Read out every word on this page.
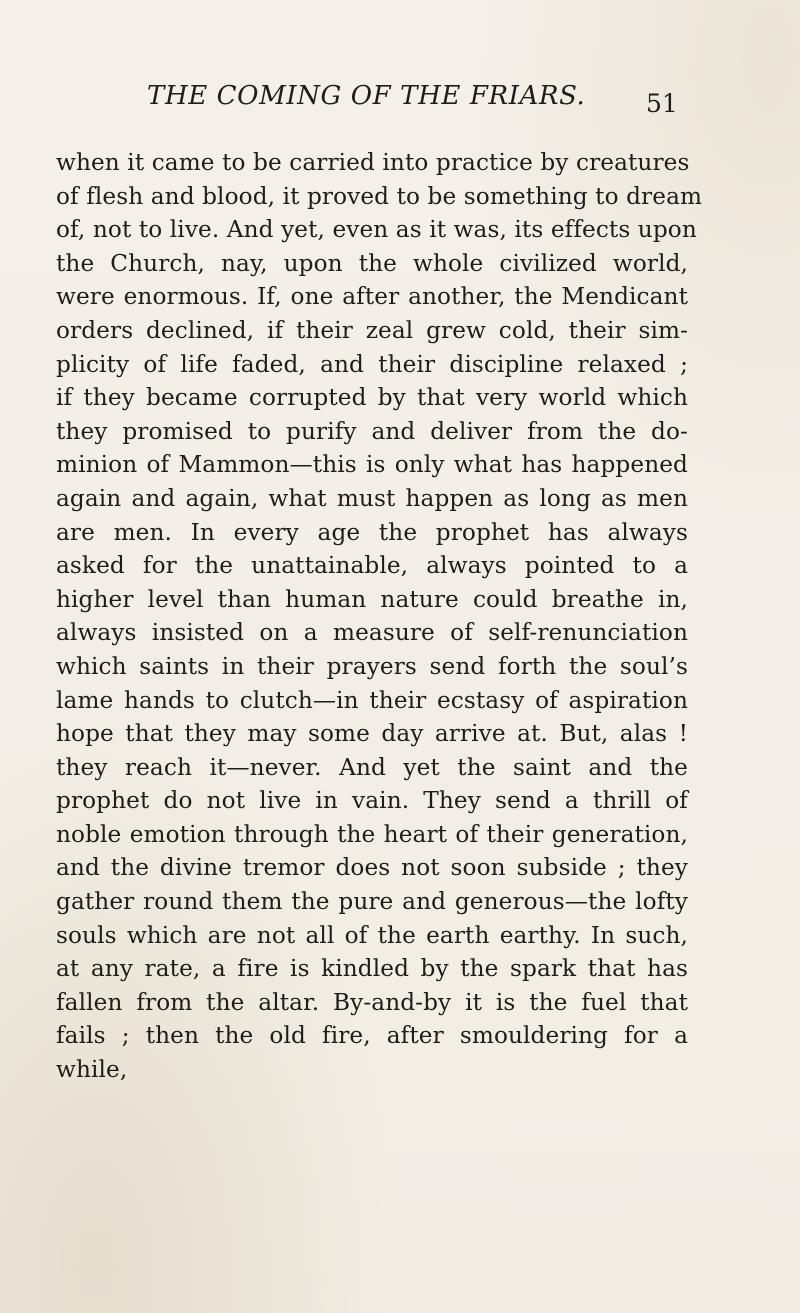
THE COMING OF THE FRIARS. 51
when it came to be carried into practice by creatures
of flesh and blood, it proved to be something to dream
of, not to live. And yet, even as it was, its effects upon
the Church, nay, upon the whole civilized world,
were enormous. If, one after another, the Mendicant
orders declined, if their zeal grew cold, their sim-
plicity of life faded, and their discipline relaxed ;
if they became corrupted by that very world which
they promised to purify and deliver from the do-
minion of Mammon—this is only what has happened
again and again, what must happen as long as men
are men. In every age the prophet has always
asked for the unattainable, always pointed to a
higher level than human nature could breathe in,
always insisted on a measure of self-renunciation
which saints in their prayers send forth the soul’s
lame hands to clutch—in their ecstasy of aspiration
hope that they may some day arrive at. But, alas !
they reach it—never. And yet the saint and the
prophet do not live in vain. They send a thrill of
noble emotion through the heart of their generation,
and the divine tremor does not soon subside ; they
gather round them the pure and generous—the lofty
souls which are not all of the earth earthy. In such,
at any rate, a fire is kindled by the spark that has
fallen from the altar. By-and-by it is the fuel that
fails ; then the old fire, after smouldering for a while,
